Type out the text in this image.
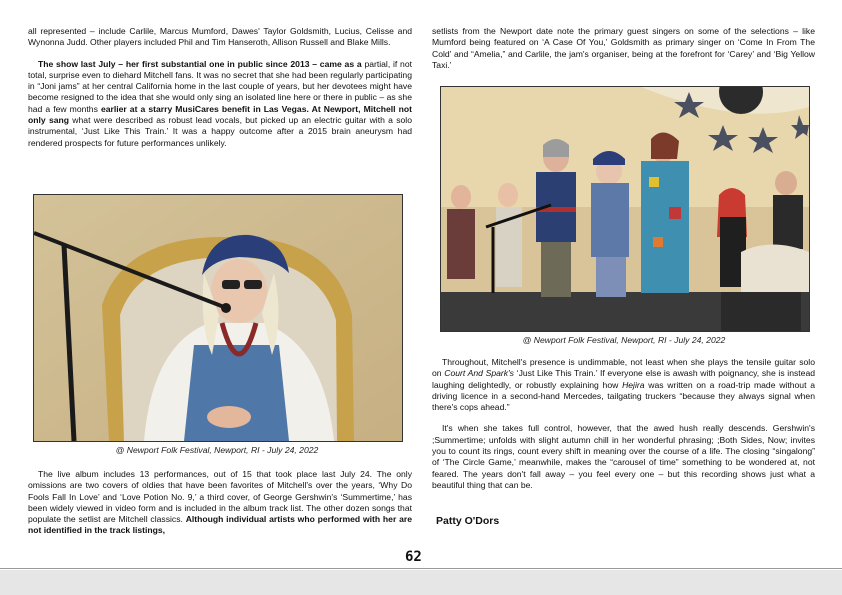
all represented – include Carlile, Marcus Mumford, Dawes' Taylor Goldsmith, Lucius, Celisse and Wynonna Judd. Other players included Phil and Tim Hanseroth, Allison Russell and Blake Mills.

The show last July – her first substantial one in public since 2013 – came as a partial, if not total, surprise even to diehard Mitchell fans. It was no secret that she had been regularly participating in “Joni jams” at her central California home in the last couple of years, but her devotees might have become resigned to the idea that she would only sing an isolated line here or there in public – as she had a few months earlier at a starry MusiCares benefit in Las Vegas. At Newport, Mitchell not only sang what were described as robust lead vocals, but picked up an electric guitar with a solo instrumental, ‘Just Like This Train.’ It was a happy outcome after a 2015 brain aneurysm had rendered prospects for future performances unlikely.

@ Newport Folk Festival, Newport, RI - July 24, 2022

The live album includes 13 performances, out of 15 that took place last July 24. The only omissions are two covers of oldies that have been favorites of Mitchell's over the years, ‘Why Do Fools Fall In Love’ and ‘Love Potion No. 9,’ a third cover, of George Gershwin's ‘Summertime,’ has been widely viewed in video form and is included in the album track list. The other dozen songs that populate the setlist are Mitchell classics. Although individual artists who performed with her are not identified in the track listings,

setlists from the Newport date note the primary guest singers on some of the selections – like Mumford being featured on ‘A Case Of You,’ Goldsmith as primary singer on ‘Come In From The Cold’ and “Amelia,” and Carlile, the jam's organiser, being at the forefront for ‘Carey’ and ‘Big Yellow Taxi.’

@ Newport Folk Festival, Newport, RI - July 24, 2022

Throughout, Mitchell's presence is undimmable, not least when she plays the tensile guitar solo on Court And Spark's ‘Just Like This Train.’ If everyone else is awash with poignancy, she is instead laughing delightedly, or robustly explaining how Hejira was written on a road-trip made without a driving licence in a second-hand Mercedes, tailgating truckers “because they always signal when there's cops ahead.”

It's when she takes full control, however, that the awed hush really descends. Gershwin's ;Summertime; unfolds with slight autumn chill in her wonderful phrasing; ;Both Sides, Now; invites you to count its rings, count every shift in meaning over the course of a life. The closing “singalong” of ‘The Circle Game,’ meanwhile, makes the “carousel of time” something to be wondered at, not feared. The years don't fall away – you feel every one – but this recording shows just what a beautiful thing that can be.

Patty O'Dors
62
